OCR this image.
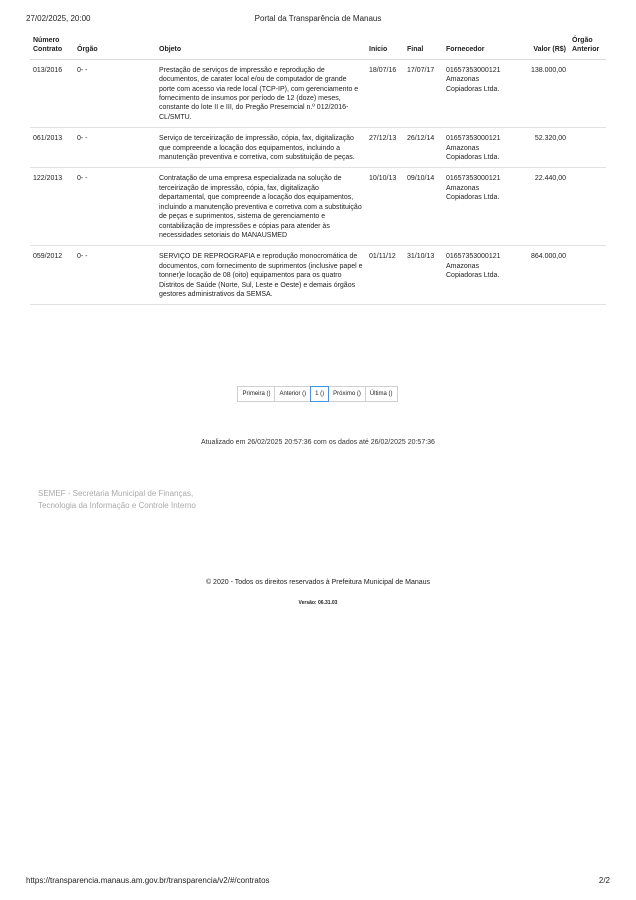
27/02/2025, 20:00	Portal da Transparência de Manaus
Número Contrato	Órgão	Objeto	Início	Final	Fornecedor	Valor (R$)	Órgão Anterior
013/2016	0- -	Prestação de serviços de impressão e reprodução de documentos, de carater local e/ou de computador de grande porte com acesso via rede local (TCP-IP), com gerenciamento e fornecimento de insumos por período de 12 (doze) meses, constante do lote II e III, do Pregão Presemcial n.º 012/2016-CL/SMTU.	18/07/16	17/07/17	01657353000121 Amazonas Copiadoras Ltda.	138.000,00	
061/2013	0- -	Serviço de terceirização de impressão, cópia, fax, digitalização que compreende a locação dos equipamentos, incluindo a manutenção preventiva e corretiva, com substituição de peças.	27/12/13	26/12/14	01657353000121 Amazonas Copiadoras Ltda.	52.320,00	
122/2013	0- -	Contratação de uma empresa especializada na solução de terceirização de impressão, cópia, fax, digitalização departamental, que compreende a locação dos equipamentos, incluindo a manutenção preventiva e corretiva com a substituição de peças e suprimentos, sistema de gerenciamento e contabilização de impressões e cópias para atender às necessidades setoriais do MANAUSMED	10/10/13	09/10/14	01657353000121 Amazonas Copiadoras Ltda.	22.440,00	
059/2012	0- -	SERVIÇO DE REPROGRAFIA e reprodução monocromática de documentos, com fornecimento de suprimentos (inclusive papel e tonner)e locação de 08 (oito) equipamentos para os quatro Distritos de Saúde (Norte, Sul, Leste e Oeste) e demais órgãos gestores administrativos da SEMSA.	01/11/12	31/10/13	01657353000121 Amazonas Copiadoras Ltda.	864.000,00	
Primeira ()	Anterior ()	1 ()	Próximo ()	Última ()
Atualizado em 26/02/2025 20:57:36 com os dados até 26/02/2025 20:57:36
SEMEF - Secretaria Municipal de Finanças, Tecnologia da Informação e Controle Interno
© 2020 - Todos os direitos reservados à Prefeitura Municipal de Manaus
Versão: 06.31.03
https://transparencia.manaus.am.gov.br/transparencia/v2/#/contratos	2/2
